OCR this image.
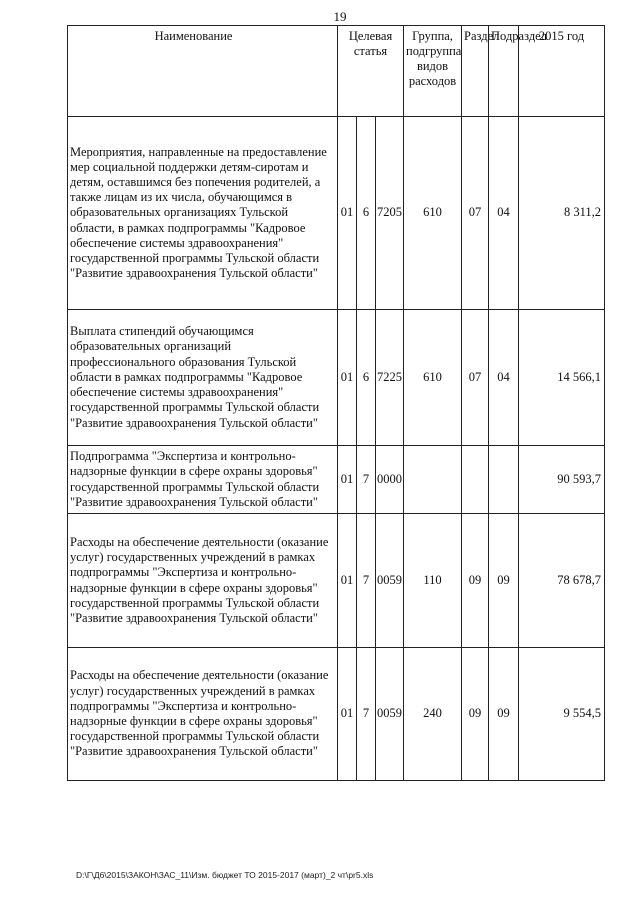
19
Наименование	Целевая статья			Группа, подгруппа видов расходов	Раздел	Подраздел	2015 год
Мероприятия, направленные на предоставление мер социальной поддержки детям-сиротам и детям, оставшимся без попечения родителей, а также лицам из их числа, обучающимся в образовательных организациях Тульской области, в рамках подпрограммы "Кадровое обеспечение системы здравоохранения" государственной программы Тульской области "Развитие здравоохранения Тульской области"	01	6	7205	610	07	04	8 311,2
Выплата стипендий обучающимся образовательных организаций профессионального образования Тульской области в рамках подпрограммы "Кадровое обеспечение системы здравоохранения" государственной программы Тульской области "Развитие здравоохранения Тульской области"	01	6	7225	610	07	04	14 566,1
Подпрограмма "Экспертиза и контрольно-надзорные функции в сфере охраны здоровья" государственной программы Тульской области "Развитие здравоохранения Тульской области"	01	7	0000				90 593,7
Расходы на обеспечение деятельности (оказание услуг) государственных учреждений в рамках подпрограммы "Экспертиза и контрольно-надзорные функции в сфере охраны здоровья" государственной программы Тульской области "Развитие здравоохранения Тульской области"	01	7	0059	110	09	09	78 678,7
Расходы на обеспечение деятельности (оказание услуг) государственных учреждений в рамках подпрограммы "Экспертиза и контрольно-надзорные функции в сфере охраны здоровья" государственной программы Тульской области "Развитие здравоохранения Тульской области"	01	7	0059	240	09	09	9 554,5
D:\Г\Д6\2015\ЗАКОН\ЗАС_11\Изм. бюджет ТО 2015-2017 (март)_2 чт\pr5.xls
